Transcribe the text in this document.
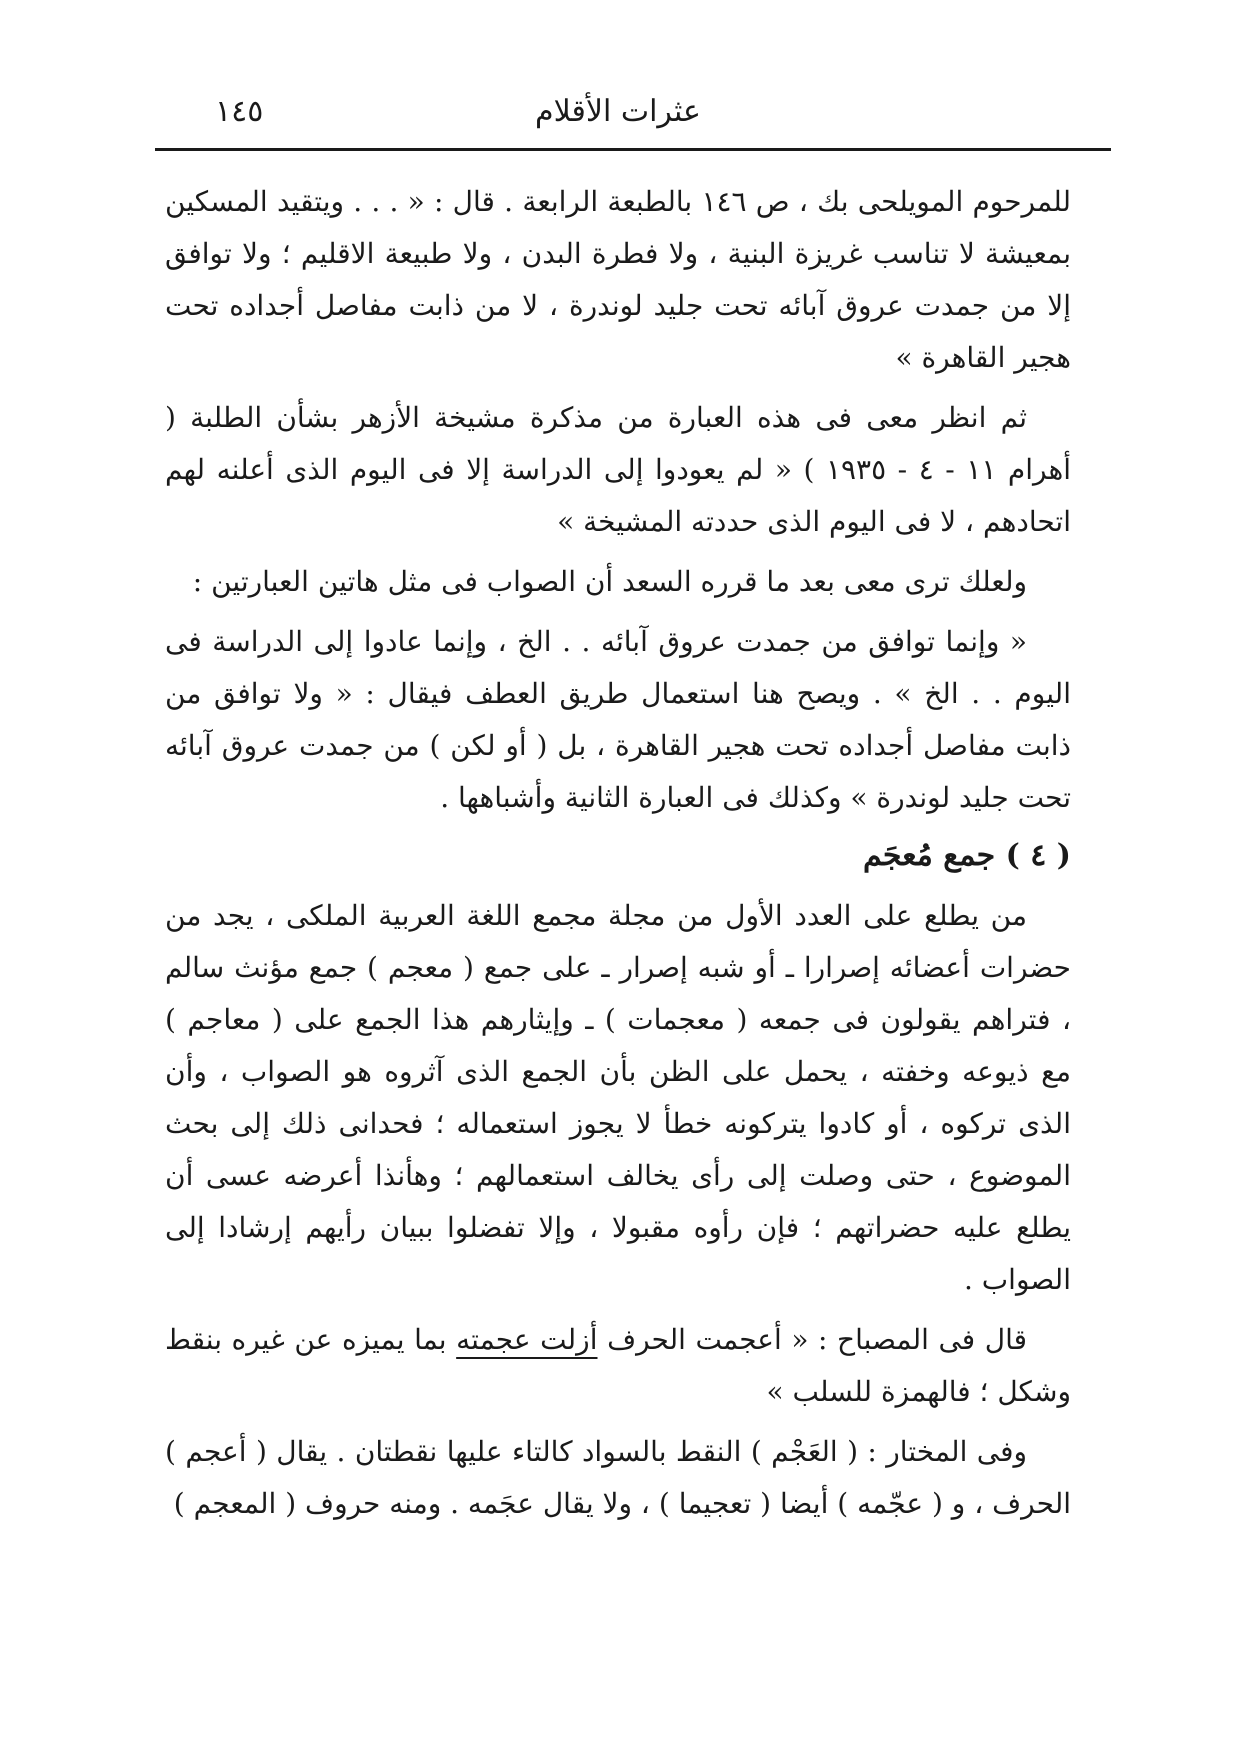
عثرات الأقلام
١٤٥

للمرحوم المويلحى بك ، ص ١٤٦ بالطبعة الرابعة . قال : « . . . ويتقيد المسكين بمعيشة لا تناسب غريزة البنية ، ولا فطرة البدن ، ولا طبيعة الاقليم ؛ ولا توافق إلا من جمدت عروق آبائه تحت جليد لوندرة ، لا من ذابت مفاصل أجداده تحت هجير القاهرة »

ثم انظر معى فى هذه العبارة من مذكرة مشيخة الأزهر بشأن الطلبة ( أهرام ١١ - ٤ - ١٩٣٥ ) « لم يعودوا إلى الدراسة إلا فى اليوم الذى أعلنه لهم اتحادهم ، لا فى اليوم الذى حددته المشيخة »

ولعلك ترى معى بعد ما قرره السعد أن الصواب فى مثل هاتين العبارتين :

« وإنما توافق من جمدت عروق آبائه . . الخ ، وإنما عادوا إلى الدراسة فى اليوم . . الخ » . ويصح هنا استعمال طريق العطف فيقال : « ولا توافق من ذابت مفاصل أجداده تحت هجير القاهرة ، بل ( أو لكن ) من جمدت عروق آبائه تحت جليد لوندرة » وكذلك فى العبارة الثانية وأشباهها .

( ٤ ) جمع مُعجَم

من يطلع على العدد الأول من مجلة مجمع اللغة العربية الملكى ، يجد من حضرات أعضائه إصرارا ـ أو شبه إصرار ـ على جمع ( معجم ) جمع مؤنث سالم ، فتراهم يقولون فى جمعه ( معجمات ) ـ وإيثارهم هذا الجمع على ( معاجم ) مع ذيوعه وخفته ، يحمل على الظن بأن الجمع الذى آثروه هو الصواب ، وأن الذى تركوه ، أو كادوا يتركونه خطأ لا يجوز استعماله ؛ فحدانى ذلك إلى بحث الموضوع ، حتى وصلت إلى رأى يخالف استعمالهم ؛ وهأنذا أعرضه عسى أن يطلع عليه حضراتهم ؛ فإن رأوه مقبولا ، وإلا تفضلوا ببيان رأيهم إرشادا إلى الصواب .

قال فى المصباح : « أعجمت الحرف أزلت عجمته بما يميزه عن غيره بنقط وشكل ؛ فالهمزة للسلب »

وفى المختار : ( العَجْم ) النقط بالسواد كالتاء عليها نقطتان . يقال ( أعجم ) الحرف ، و ( عجّمه ) أيضا ( تعجيما ) ، ولا يقال عجَمه . ومنه حروف ( المعجم )
